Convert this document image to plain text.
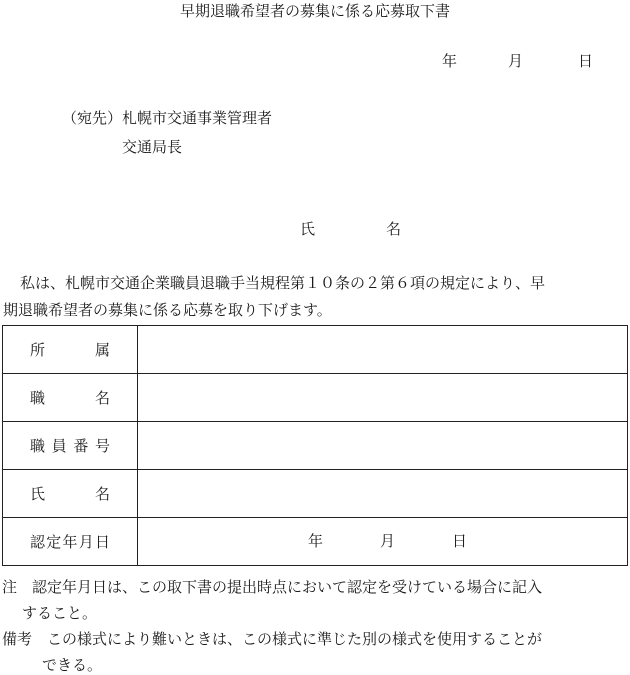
早期退職希望者の募集に係る応募取下書
年	月	日
（宛先）札幌市交通事業管理者
交通局長
氏	名
私は、札幌市交通企業職員退職手当規程第１０条の２第６項の規定により、早
期退職希望者の募集に係る応募を取り下げます。
所　属	
職　名	
職員番号	
氏　名	
認定年月日	年 月 日
注　認定年月日は、この取下書の提出時点において認定を受けている場合に記入
すること。
備考　この様式により難いときは、この様式に準じた別の様式を使用することが
できる。
